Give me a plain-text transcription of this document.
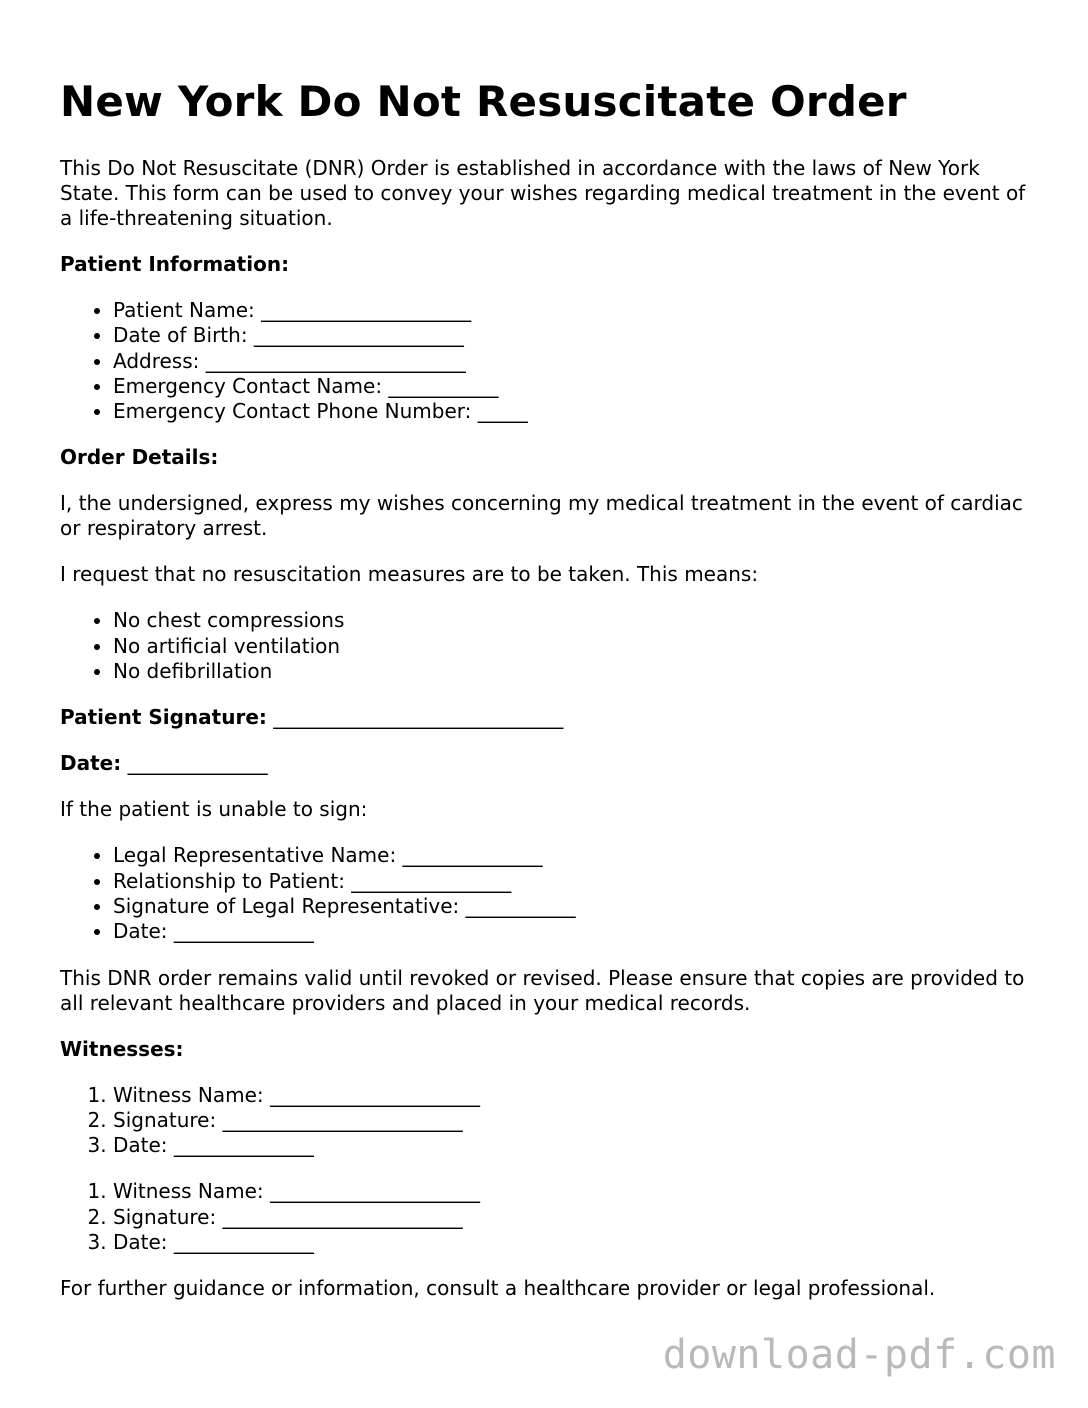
New York Do Not Resuscitate Order

This Do Not Resuscitate (DNR) Order is established in accordance with the laws of New York State. This form can be used to convey your wishes regarding medical treatment in the event of a life-threatening situation.

Patient Information:

• Patient Name: _____________________
• Date of Birth: _____________________
• Address: __________________________
• Emergency Contact Name: ___________
• Emergency Contact Phone Number: _____

Order Details:

I, the undersigned, express my wishes concerning my medical treatment in the event of cardiac or respiratory arrest.

I request that no resuscitation measures are to be taken. This means:

• No chest compressions
• No artificial ventilation
• No defibrillation

Patient Signature: _____________________________

Date: ______________

If the patient is unable to sign:

• Legal Representative Name: ______________
• Relationship to Patient: ________________
• Signature of Legal Representative: ___________
• Date: ______________

This DNR order remains valid until revoked or revised. Please ensure that copies are provided to all relevant healthcare providers and placed in your medical records.

Witnesses:

1. Witness Name: _____________________
2. Signature: ________________________
3. Date: ______________
1. Witness Name: _____________________
2. Signature: ________________________
3. Date: ______________

For further guidance or information, consult a healthcare provider or legal professional.

download-pdf.com
